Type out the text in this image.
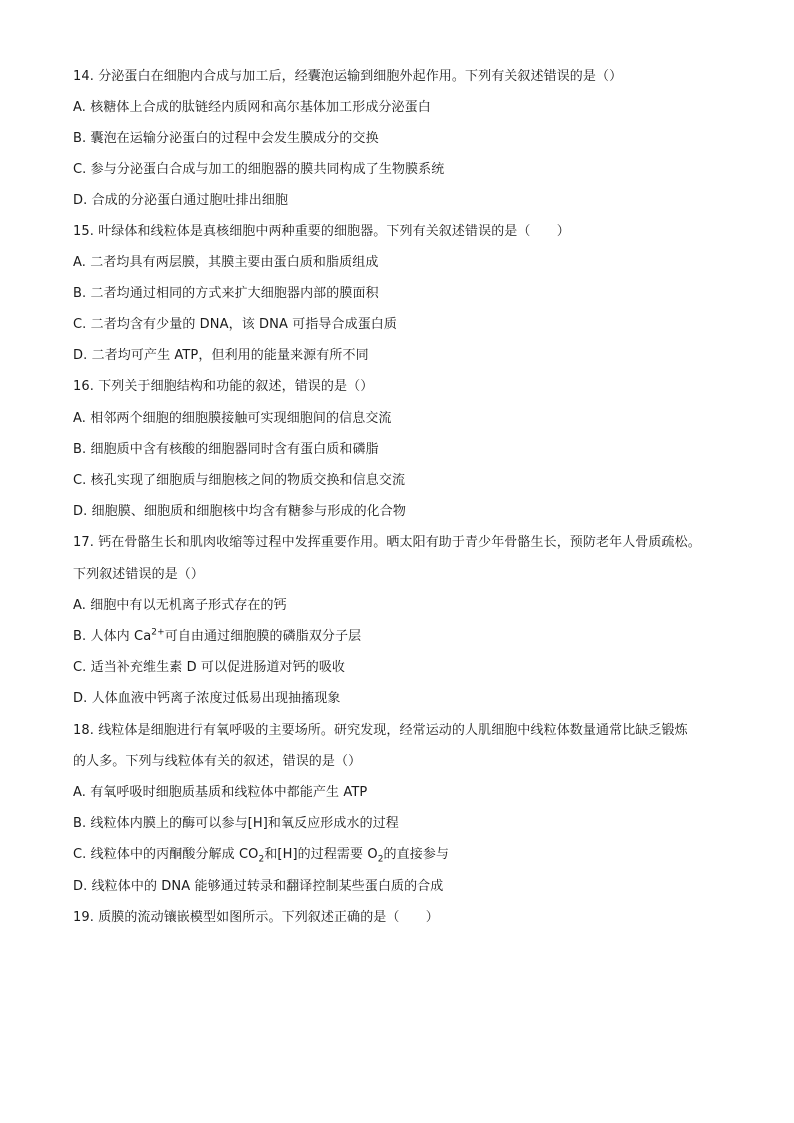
14. 分泌蛋白在细胞内合成与加工后，经囊泡运输到细胞外起作用。下列有关叙述错误的是（）
A. 核糖体上合成的肽链经内质网和高尔基体加工形成分泌蛋白
B. 囊泡在运输分泌蛋白的过程中会发生膜成分的交换
C. 参与分泌蛋白合成与加工的细胞器的膜共同构成了生物膜系统
D. 合成的分泌蛋白通过胞吐排出细胞
15. 叶绿体和线粒体是真核细胞中两种重要的细胞器。下列有关叙述错误的是（　　）
A. 二者均具有两层膜，其膜主要由蛋白质和脂质组成
B. 二者均通过相同的方式来扩大细胞器内部的膜面积
C. 二者均含有少量的 DNA，该 DNA 可指导合成蛋白质
D. 二者均可产生 ATP，但利用的能量来源有所不同
16. 下列关于细胞结构和功能的叙述，错误的是（）
A. 相邻两个细胞的细胞膜接触可实现细胞间的信息交流
B. 细胞质中含有核酸的细胞器同时含有蛋白质和磷脂
C. 核孔实现了细胞质与细胞核之间的物质交换和信息交流
D. 细胞膜、细胞质和细胞核中均含有糖参与形成的化合物
17. 钙在骨骼生长和肌肉收缩等过程中发挥重要作用。晒太阳有助于青少年骨骼生长，预防老年人骨质疏松。
下列叙述错误的是（）
A. 细胞中有以无机离子形式存在的钙
B. 人体内 $Ca^{2+}$可自由通过细胞膜的磷脂双分子层
C. 适当补充维生素 D 可以促进肠道对钙的吸收
D. 人体血液中钙离子浓度过低易出现抽搐现象
18. 线粒体是细胞进行有氧呼吸的主要场所。研究发现，经常运动的人肌细胞中线粒体数量通常比缺乏锻炼
的人多。下列与线粒体有关的叙述，错误的是（）
A. 有氧呼吸时细胞质基质和线粒体中都能产生 ATP
B. 线粒体内膜上的酶可以参与[H]和氧反应形成水的过程
C. 线粒体中的丙酮酸分解成 $CO_2$和[H]的过程需要 $O_2$的直接参与
D. 线粒体中的 DNA 能够通过转录和翻译控制某些蛋白质的合成
19. 质膜的流动镶嵌模型如图所示。下列叙述正确的是（　　）
